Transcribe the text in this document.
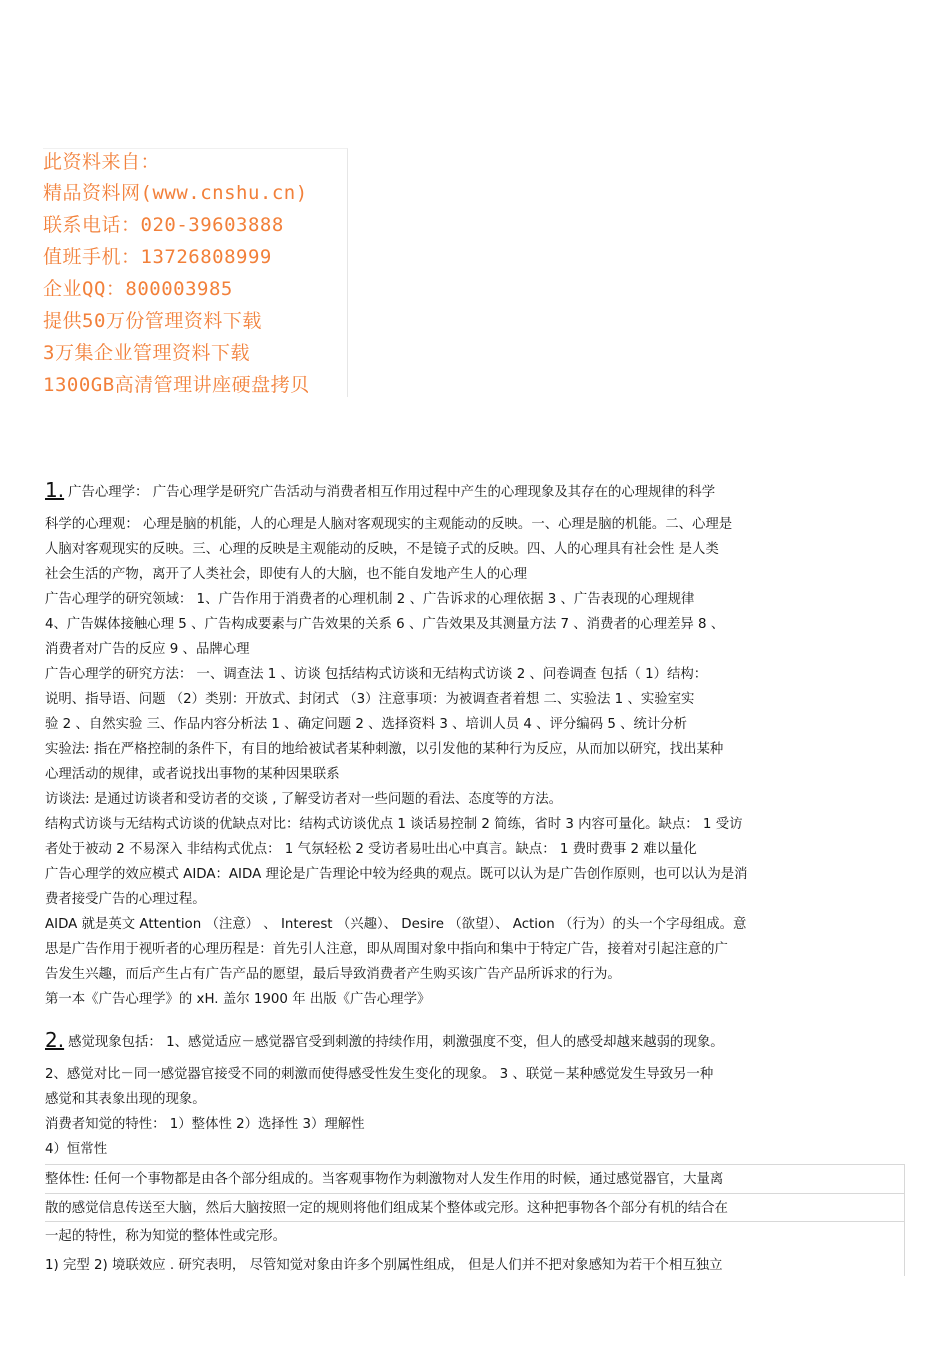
此资料来自：
精品资料网(www.cnshu.cn)
联系电话：020-39603888
值班手机：13726808999
企业QQ：800003985
提供50万份管理资料下载
3万集企业管理资料下载
1300GB高清管理讲座硬盘拷贝
1. 广告心理学： 广告心理学是研究广告活动与消费者相互作用过程中产生的心理现象及其存在的心理规律的科学
科学的心理观： 心理是脑的机能，人的心理是人脑对客观现实的主观能动的反映。一、心理是脑的机能。二、心理是
人脑对客观现实的反映。三、心理的反映是主观能动的反映，不是镜子式的反映。四、人的心理具有社会性 是人类
社会生活的产物，离开了人类社会，即使有人的大脑，也不能自发地产生人的心理
广告心理学的研究领域： 1、广告作用于消费者的心理机制 2 、广告诉求的心理依据 3 、广告表现的心理规律
4、广告媒体接触心理 5 、广告构成要素与广告效果的关系 6 、广告效果及其测量方法 7 、消费者的心理差异 8 、
消费者对广告的反应 9 、品牌心理
广告心理学的研究方法： 一、调查法 1 、访谈 包括结构式访谈和无结构式访谈 2 、问卷调查 包括（ 1）结构：
说明、指导语、问题 （2）类别：开放式、封闭式 （3）注意事项：为被调查者着想 二、实验法 1 、实验室实
验 2 、自然实验 三、作品内容分析法 1 、确定问题 2 、选择资料 3 、培训人员 4 、评分编码 5 、统计分析
实验法: 指在严格控制的条件下，有目的地给被试者某种刺激，以引发他的某种行为反应，从而加以研究，找出某种
心理活动的规律，或者说找出事物的某种因果联系
访谈法: 是通过访谈者和受访者的交谈 , 了解受访者对一些问题的看法、态度等的方法。
结构式访谈与无结构式访谈的优缺点对比：结构式访谈优点 1 谈话易控制 2 简练，省时 3 内容可量化。缺点： 1 受访
者处于被动 2 不易深入 非结构式优点： 1 气氛轻松 2 受访者易吐出心中真言。缺点： 1 费时费事 2 难以量化
广告心理学的效应模式 AIDA：AIDA 理论是广告理论中较为经典的观点。既可以认为是广告创作原则，也可以认为是消
费者接受广告的心理过程。
AIDA 就是英文 Attention （注意） 、 Interest （兴趣）、 Desire （欲望）、 Action （行为）的头一个字母组成。意
思是广告作用于视听者的心理历程是：首先引人注意，即从周围对象中指向和集中于特定广告，接着对引起注意的广
告发生兴趣，而后产生占有广告产品的愿望，最后导致消费者产生购买该广告产品所诉求的行为。
第一本《广告心理学》的 xH. 盖尔 1900 年 出版《广告心理学》
2. 感觉现象包括： 1、感觉适应－感觉器官受到刺激的持续作用，刺激强度不变，但人的感受却越来越弱的现象。
2、感觉对比－同一感觉器官接受不同的刺激而使得感受性发生变化的现象。 3 、联觉－某种感觉发生导致另一种
感觉和其表象出现的现象。
消费者知觉的特性： 1）整体性 2）选择性 3）理解性
4）恒常性
整体性: 任何一个事物都是由各个部分组成的。当客观事物作为刺激物对人发生作用的时候，通过感觉器官，大量离
散的感觉信息传送至大脑，然后大脑按照一定的规则将他们组成某个整体或完形。这种把事物各个部分有机的结合在
一起的特性，称为知觉的整体性或完形。
1) 完型 2) 境联效应 . 研究表明， 尽管知觉对象由许多个别属性组成， 但是人们并不把对象感知为若干个相互独立
